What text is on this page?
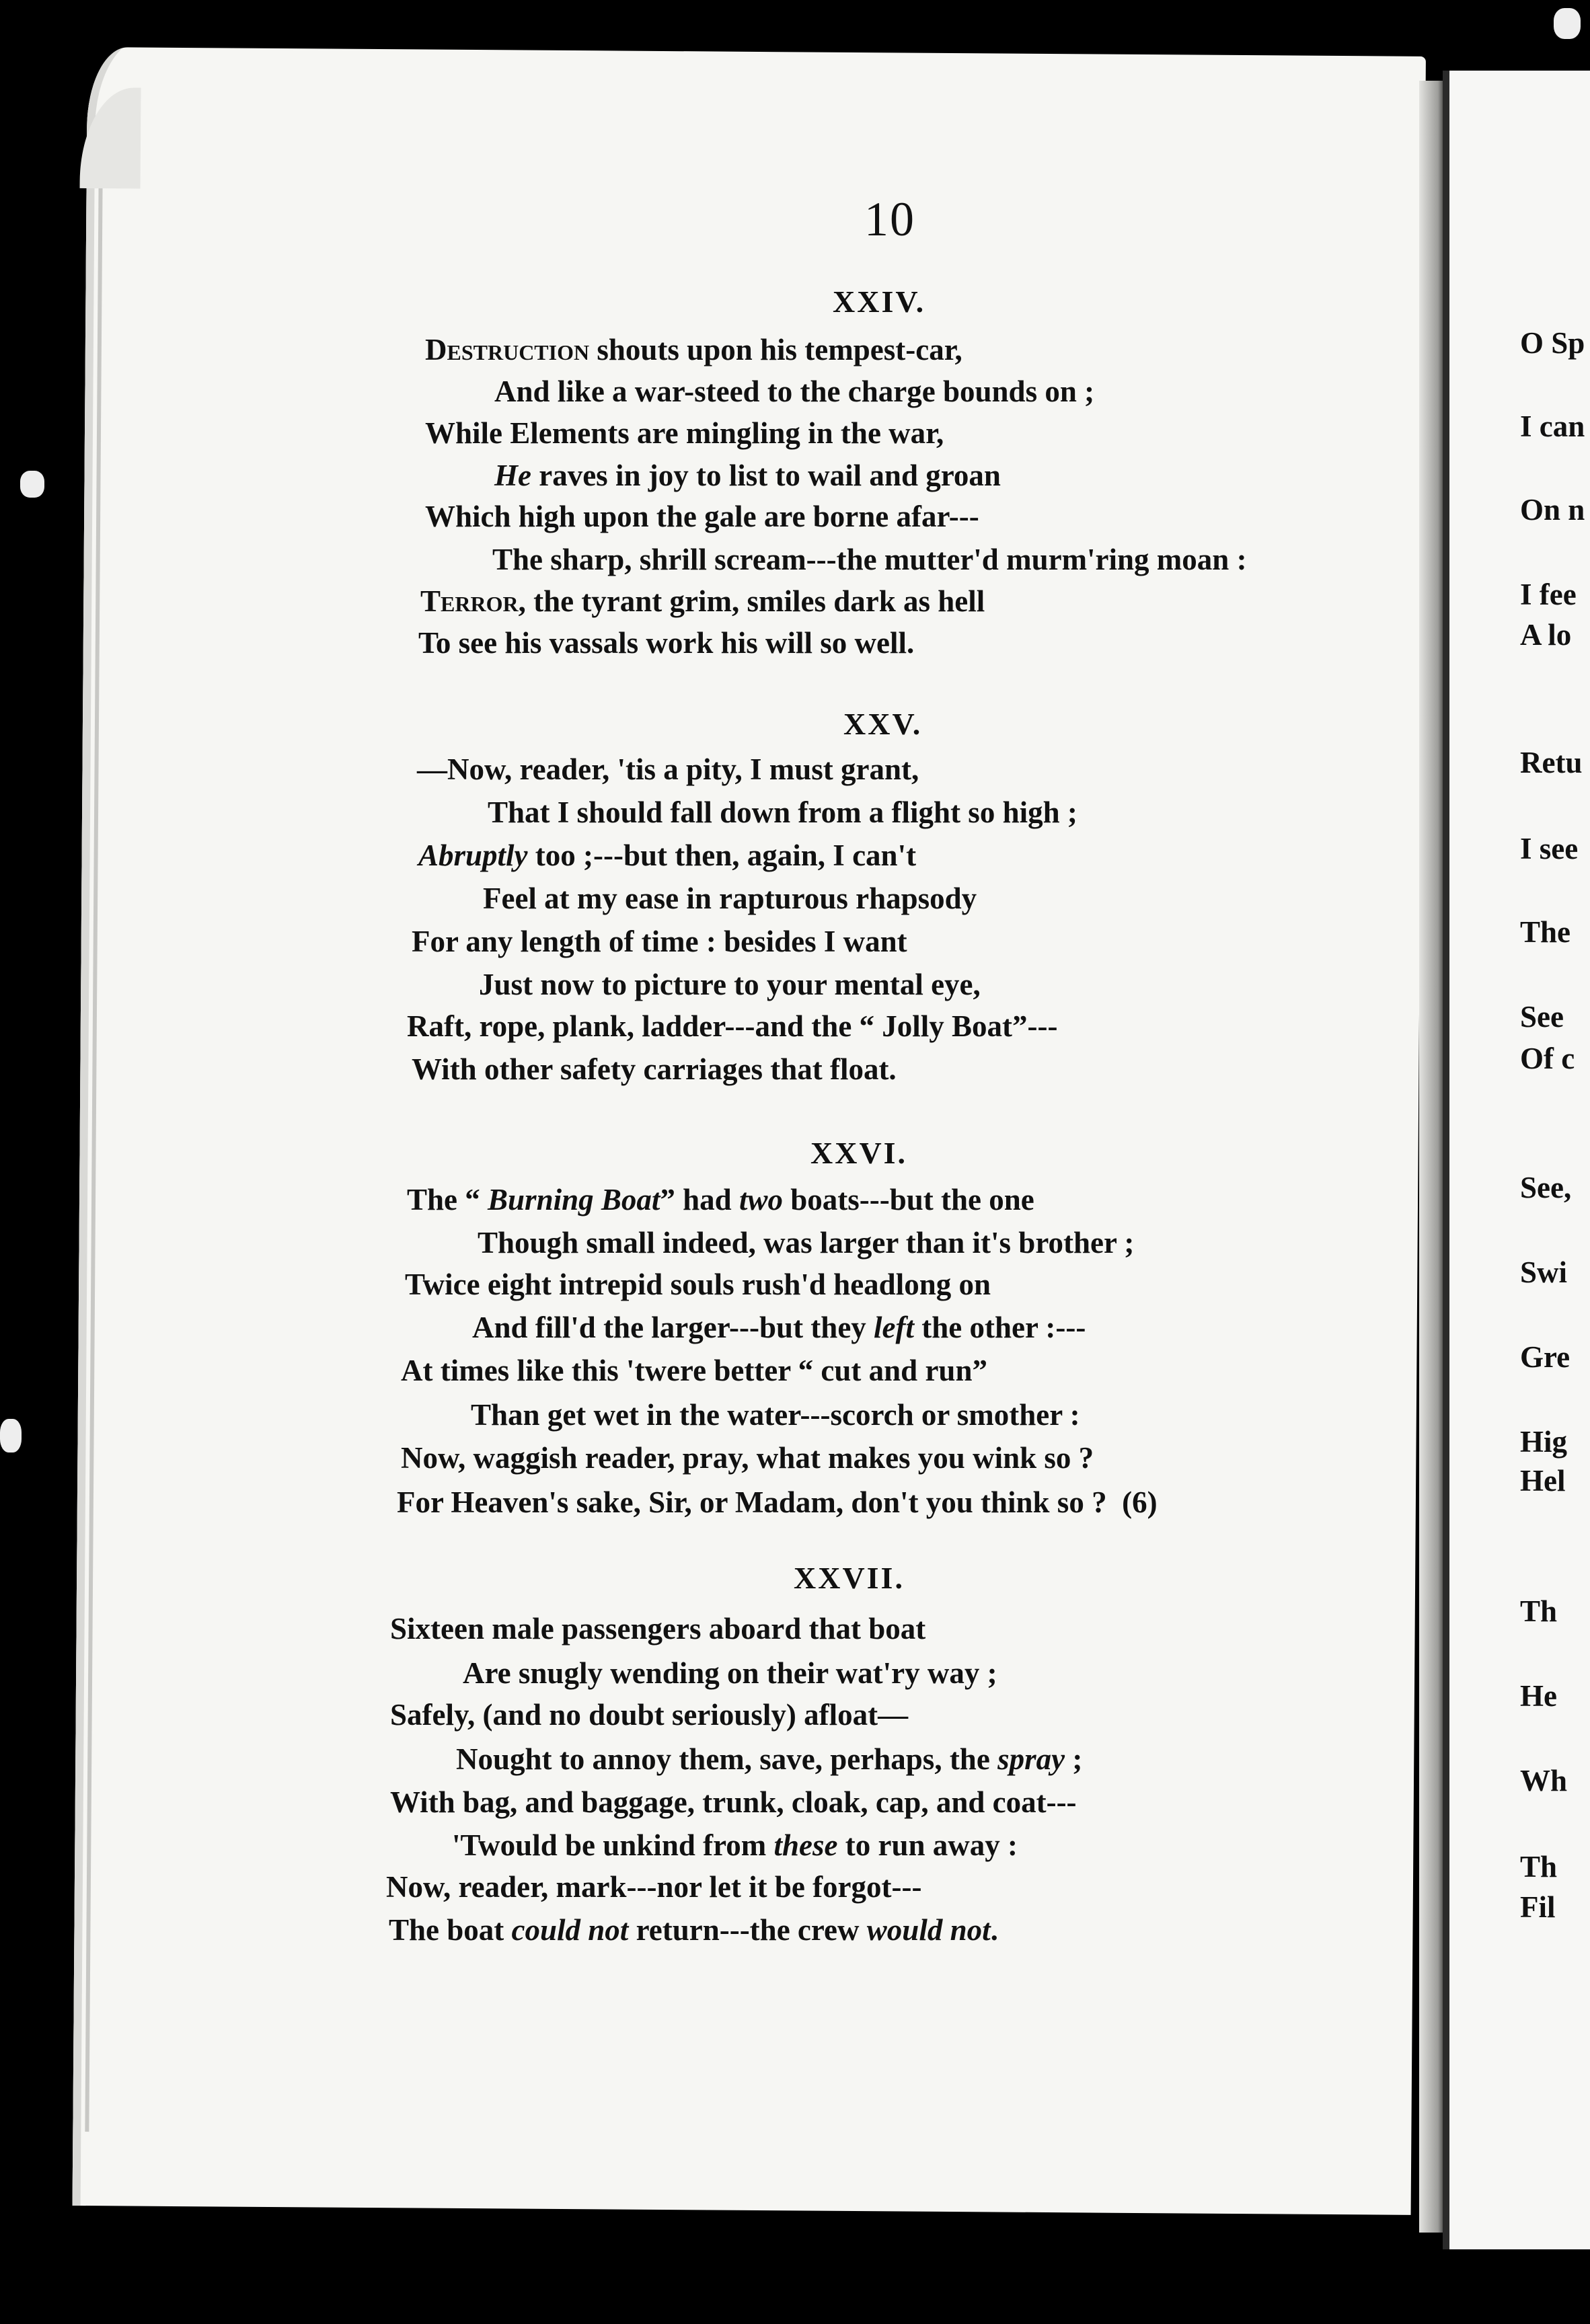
10
XXIV.
Destruction shouts upon his tempest-car,
And like a war-steed to the charge bounds on ;
While Elements are mingling in the war,
He raves in joy to list to wail and groan
Which high upon the gale are borne afar---
The sharp, shrill scream---the mutter'd murm'ring moan :
Terror, the tyrant grim, smiles dark as hell
To see his vassals work his will so well.
XXV.
—Now, reader, 'tis a pity, I must grant,
That I should fall down from a flight so high ;
Abruptly too ;---but then, again, I can't
Feel at my ease in rapturous rhapsody
For any length of time : besides I want
Just now to picture to your mental eye,
Raft, rope, plank, ladder---and the “ Jolly Boat”---
With other safety carriages that float.
XXVI.
The “ Burning Boat” had two boats---but the one
Though small indeed, was larger than it's brother ;
Twice eight intrepid souls rush'd headlong on
And fill'd the larger---but they left the other :---
At times like this 'twere better “ cut and run”
Than get wet in the water---scorch or smother :
Now, waggish reader, pray, what makes you wink so ?
For Heaven's sake, Sir, or Madam, don't you think so ? (6)
XXVII.
Sixteen male passengers aboard that boat
Are snugly wending on their wat'ry way ;
Safely, (and no doubt seriously) afloat—
Nought to annoy them, save, perhaps, the spray ;
With bag, and baggage, trunk, cloak, cap, and coat---
'Twould be unkind from these to run away :
Now, reader, mark---nor let it be forgot---
The boat could not return---the crew would not.
O Sp
I can
On n
I fee
A lo
Retu
I see
The
See
Of c
See,
Swi
Gre
Hig
Hel
Th
He
Wh
Th
Fil
